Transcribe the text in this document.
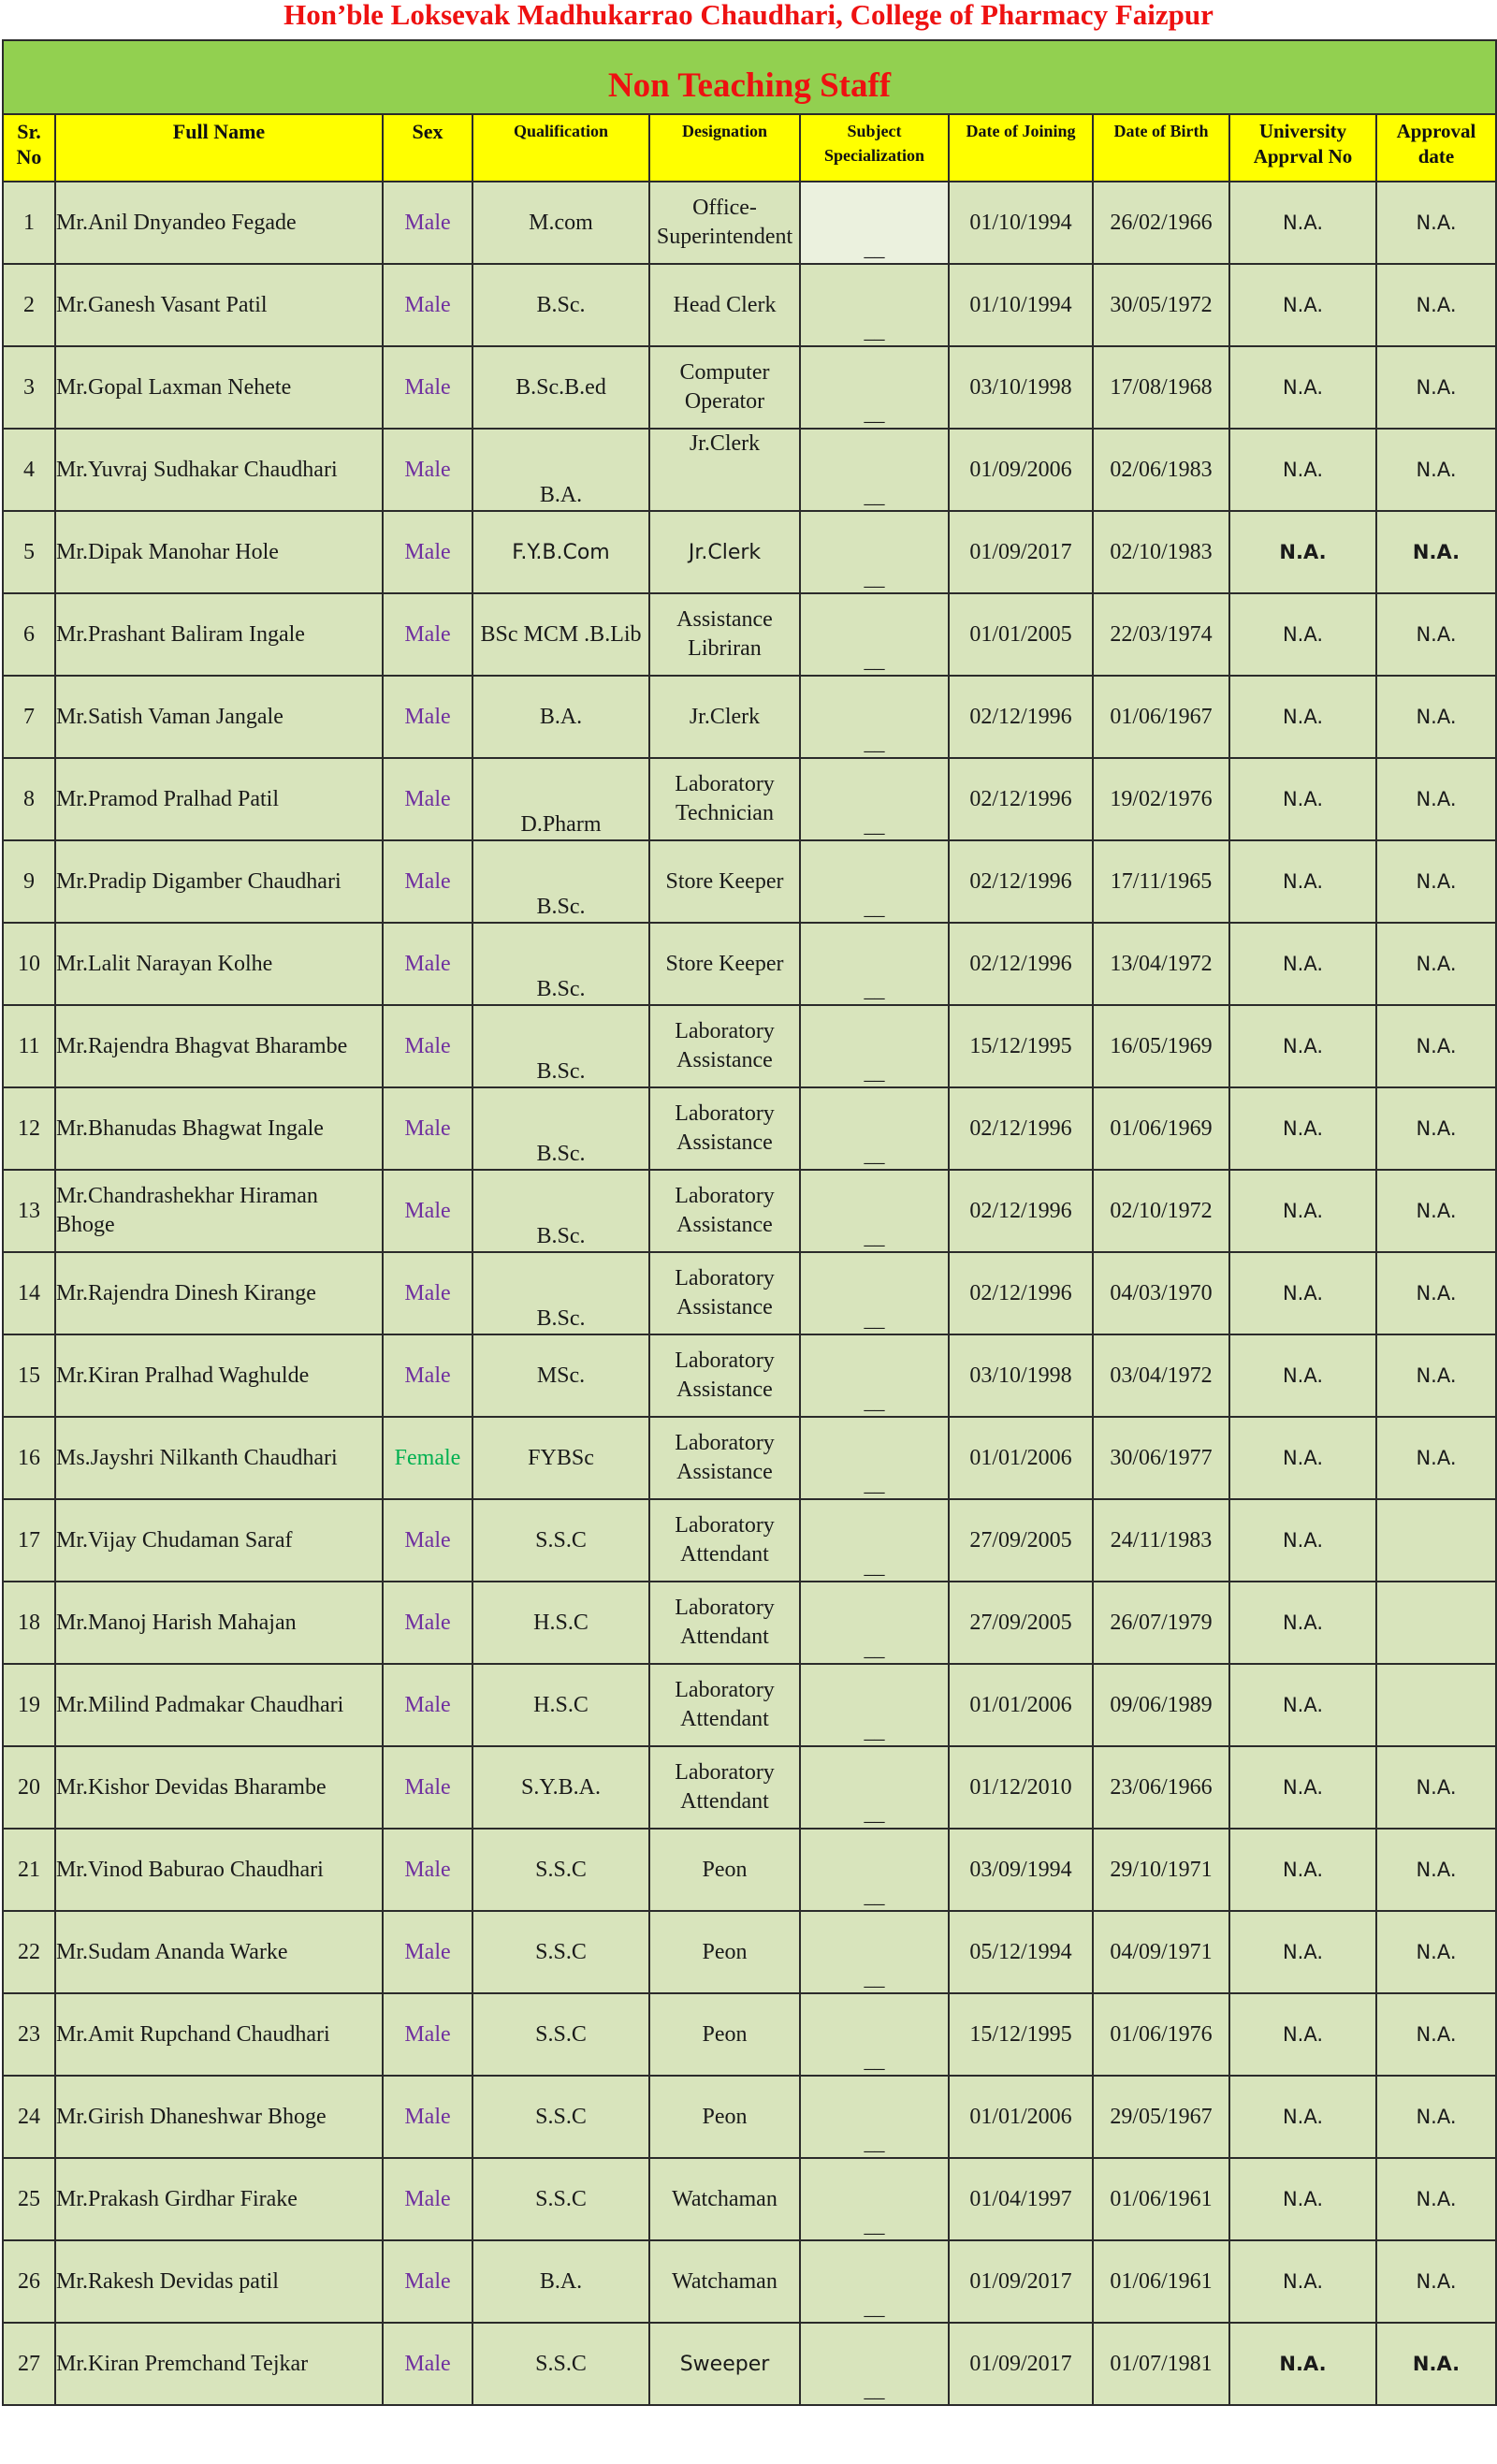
Hon’ble Loksevak Madhukarrao Chaudhari, College of Pharmacy Faizpur
Non Teaching Staff									
Sr. No	Full Name	Sex	Qualification	Designation	Subject Specialization	Date of Joining	Date of Birth	University Apprval No	Approval date
1	Mr.Anil Dnyandeo Fegade	Male	M.com	Office-Superintendent	__	01/10/1994	26/02/1966	N.A.	N.A.
2	Mr.Ganesh Vasant Patil	Male	B.Sc.	Head Clerk	__	01/10/1994	30/05/1972	N.A.	N.A.
3	Mr.Gopal Laxman Nehete	Male	B.Sc.B.ed	Computer Operator	__	03/10/1998	17/08/1968	N.A.	N.A.
4	Mr.Yuvraj Sudhakar Chaudhari	Male	B.A.	Jr.Clerk	__	01/09/2006	02/06/1983	N.A.	N.A.
5	Mr.Dipak Manohar Hole	Male	F.Y.B.Com	Jr.Clerk	__	01/09/2017	02/10/1983	N.A.	N.A.
6	Mr.Prashant Baliram Ingale	Male	BSc MCM .B.Lib	Assistance Libriran	__	01/01/2005	22/03/1974	N.A.	N.A.
7	Mr.Satish Vaman Jangale	Male	B.A.	Jr.Clerk	__	02/12/1996	01/06/1967	N.A.	N.A.
8	Mr.Pramod Pralhad Patil	Male	D.Pharm	Laboratory Technician	__	02/12/1996	19/02/1976	N.A.	N.A.
9	Mr.Pradip Digamber Chaudhari	Male	B.Sc.	Store Keeper	__	02/12/1996	17/11/1965	N.A.	N.A.
10	Mr.Lalit Narayan Kolhe	Male	B.Sc.	Store Keeper	__	02/12/1996	13/04/1972	N.A.	N.A.
11	Mr.Rajendra Bhagvat Bharambe	Male	B.Sc.	Laboratory Assistance	__	15/12/1995	16/05/1969	N.A.	N.A.
12	Mr.Bhanudas Bhagwat Ingale	Male	B.Sc.	Laboratory Assistance	__	02/12/1996	01/06/1969	N.A.	N.A.
13	Mr.Chandrashekhar Hiraman Bhoge	Male	B.Sc.	Laboratory Assistance	__	02/12/1996	02/10/1972	N.A.	N.A.
14	Mr.Rajendra Dinesh Kirange	Male	B.Sc.	Laboratory Assistance	__	02/12/1996	04/03/1970	N.A.	N.A.
15	Mr.Kiran Pralhad Waghulde	Male	MSc.	Laboratory Assistance	__	03/10/1998	03/04/1972	N.A.	N.A.
16	Ms.Jayshri Nilkanth Chaudhari	Female	FYBSc	Laboratory Assistance	__	01/01/2006	30/06/1977	N.A.	N.A.
17	Mr.Vijay Chudaman Saraf	Male	S.S.C	Laboratory Attendant	__	27/09/2005	24/11/1983	N.A.	
18	Mr.Manoj Harish Mahajan	Male	H.S.C	Laboratory Attendant	__	27/09/2005	26/07/1979	N.A.	
19	Mr.Milind Padmakar Chaudhari	Male	H.S.C	Laboratory Attendant	__	01/01/2006	09/06/1989	N.A.	
20	Mr.Kishor Devidas Bharambe	Male	S.Y.B.A.	Laboratory Attendant	__	01/12/2010	23/06/1966	N.A.	N.A.
21	Mr.Vinod Baburao Chaudhari	Male	S.S.C	Peon	__	03/09/1994	29/10/1971	N.A.	N.A.
22	Mr.Sudam Ananda Warke	Male	S.S.C	Peon	__	05/12/1994	04/09/1971	N.A.	N.A.
23	Mr.Amit Rupchand Chaudhari	Male	S.S.C	Peon	__	15/12/1995	01/06/1976	N.A.	N.A.
24	Mr.Girish Dhaneshwar Bhoge	Male	S.S.C	Peon	__	01/01/2006	29/05/1967	N.A.	N.A.
25	Mr.Prakash Girdhar Firake	Male	S.S.C	Watchaman	__	01/04/1997	01/06/1961	N.A.	N.A.
26	Mr.Rakesh Devidas patil	Male	B.A.	Watchaman	__	01/09/2017	01/06/1961	N.A.	N.A.
27	Mr.Kiran Premchand Tejkar	Male	S.S.C	Sweeper	__	01/09/2017	01/07/1981	N.A.	N.A.
